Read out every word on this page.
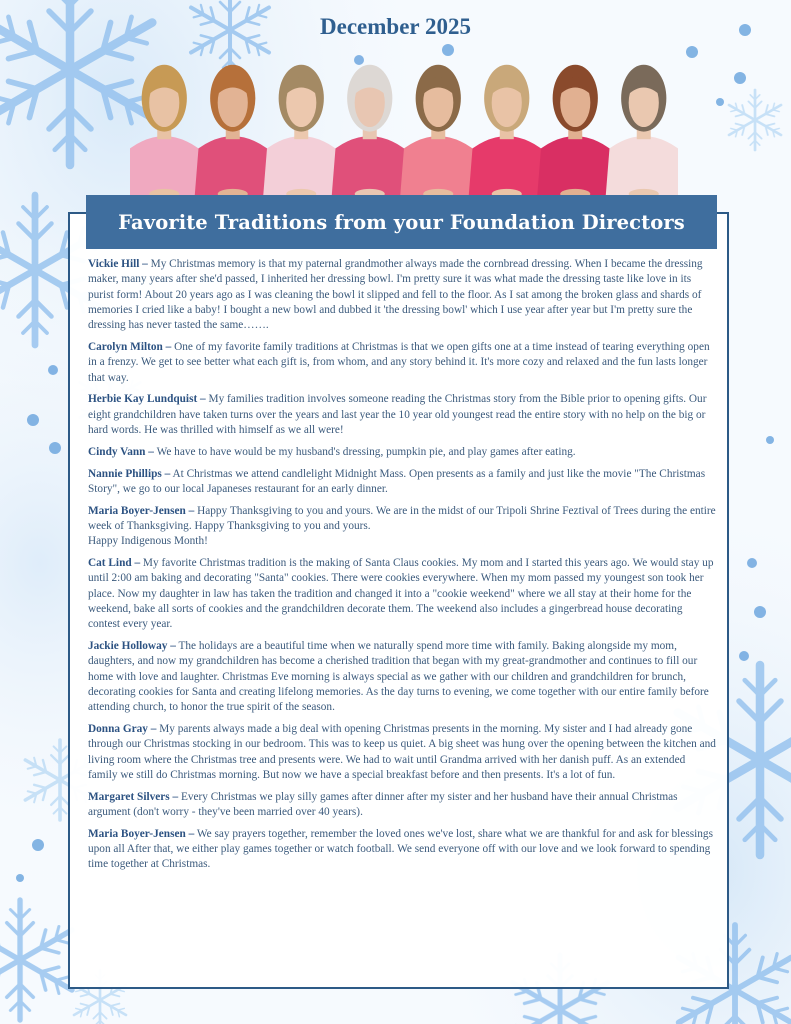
December 2025
Favorite Traditions from your Foundation Directors

Vickie Hill – My Christmas memory is that my paternal grandmother always made the cornbread dressing. When I became the dressing maker, many years after she'd passed, I inherited her dressing bowl. I'm pretty sure it was what made the dressing taste like love in its purist form! About 20 years ago as I was cleaning the bowl it slipped and fell to the floor. As I sat among the broken glass and shards of memories I cried like a baby! I bought a new bowl and dubbed it 'the dressing bowl' which I use year after year but I'm pretty sure the dressing has never tasted the same…….

Carolyn Milton – One of my favorite family traditions at Christmas is that we open gifts one at a time instead of tearing everything open in a frenzy. We get to see better what each gift is, from whom, and any story behind it. It's more cozy and relaxed and the fun lasts longer that way.

Herbie Kay Lundquist – My families tradition involves someone reading the Christmas story from the Bible prior to opening gifts. Our eight grandchildren have taken turns over the years and last year the 10 year old youngest read the entire story with no help on the big or hard words. He was thrilled with himself as we all were!

Cindy Vann – We have to have would be my husband's dressing, pumpkin pie, and play games after eating.

Nannie Phillips – At Christmas we attend candlelight Midnight Mass. Open presents as a family and just like the movie "The Christmas Story", we go to our local Japaneses restaurant for an early dinner.

Maria Boyer-Jensen – Happy Thanksgiving to you and yours. We are in the midst of our Tripoli Shrine Feztival of Trees during the entire week of Thanksgiving. Happy Thanksgiving to you and yours.
Happy Indigenous Month!

Cat Lind – My favorite Christmas tradition is the making of Santa Claus cookies. My mom and I started this years ago. We would stay up until 2:00 am baking and decorating "Santa" cookies. There were cookies everywhere. When my mom passed my youngest son took her place. Now my daughter in law has taken the tradition and changed it into a "cookie weekend" where we all stay at their home for the weekend, bake all sorts of cookies and the grandchildren decorate them. The weekend also includes a gingerbread house decorating contest every year.

Jackie Holloway – The holidays are a beautiful time when we naturally spend more time with family. Baking alongside my mom, daughters, and now my grandchildren has become a cherished tradition that began with my great-grandmother and continues to fill our home with love and laughter. Christmas Eve morning is always special as we gather with our children and grandchildren for brunch, decorating cookies for Santa and creating lifelong memories. As the day turns to evening, we come together with our entire family before attending church, to honor the true spirit of the season.

Donna Gray – My parents always made a big deal with opening Christmas presents in the morning. My sister and I had already gone through our Christmas stocking in our bedroom. This was to keep us quiet. A big sheet was hung over the opening between the kitchen and living room where the Christmas tree and presents were. We had to wait until Grandma arrived with her danish puff. As an extended family we still do Christmas morning. But now we have a special breakfast before and then presents. It's a lot of fun.

Margaret Silvers – Every Christmas we play silly games after dinner after my sister and her husband have their annual Christmas argument (don't worry - they've been married over 40 years).

Maria Boyer-Jensen – We say prayers together, remember the loved ones we've lost, share what we are thankful for and ask for blessings upon all After that, we either play games together or watch football. We send everyone off with our love and we look forward to spending time together at Christmas.
